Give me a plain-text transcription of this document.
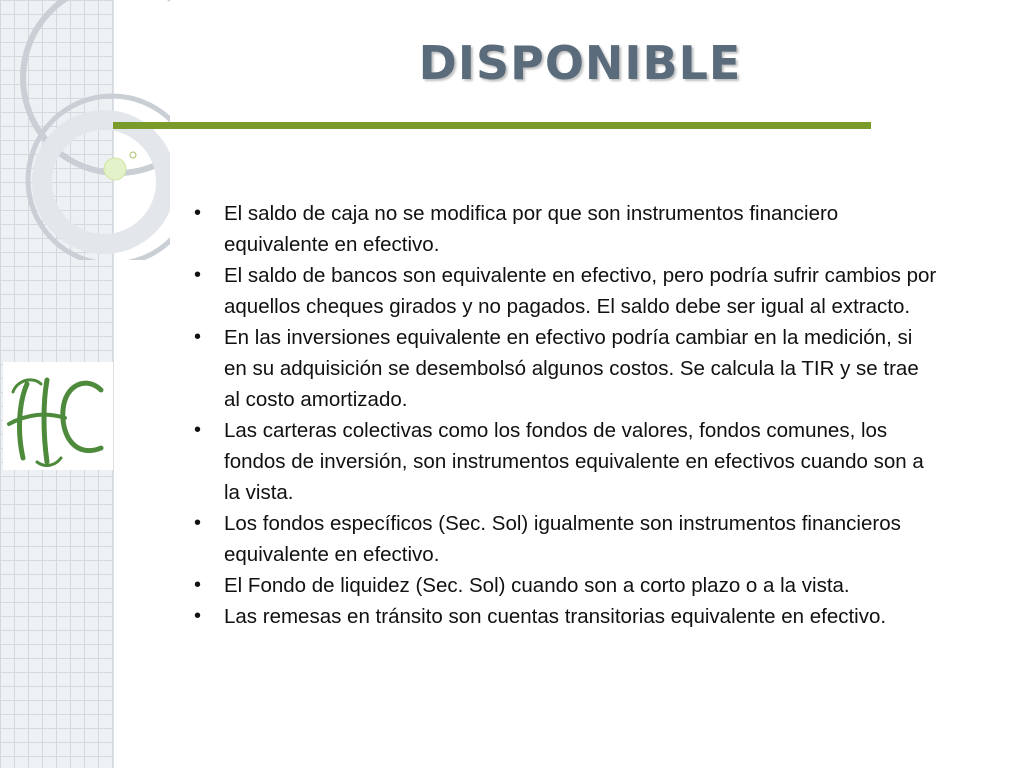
DISPONIBLE
• El saldo de caja no se modifica por que son instrumentos financiero equivalente en efectivo.
• El saldo de bancos son equivalente en efectivo, pero podría sufrir cambios por aquellos cheques girados y no pagados. El saldo debe ser igual al extracto.
• En las inversiones equivalente en efectivo podría cambiar en la medición, si en su adquisición se desembolsó algunos costos. Se calcula la TIR y se trae al costo amortizado.
• Las carteras colectivas como los fondos de valores, fondos comunes, los fondos de inversión, son instrumentos equivalente en efectivos cuando son a la vista.
• Los fondos específicos (Sec. Sol) igualmente son instrumentos financieros equivalente en efectivo.
• El Fondo de liquidez (Sec. Sol) cuando son a corto plazo o a la vista.
• Las remesas en tránsito son cuentas transitorias equivalente en efectivo.
